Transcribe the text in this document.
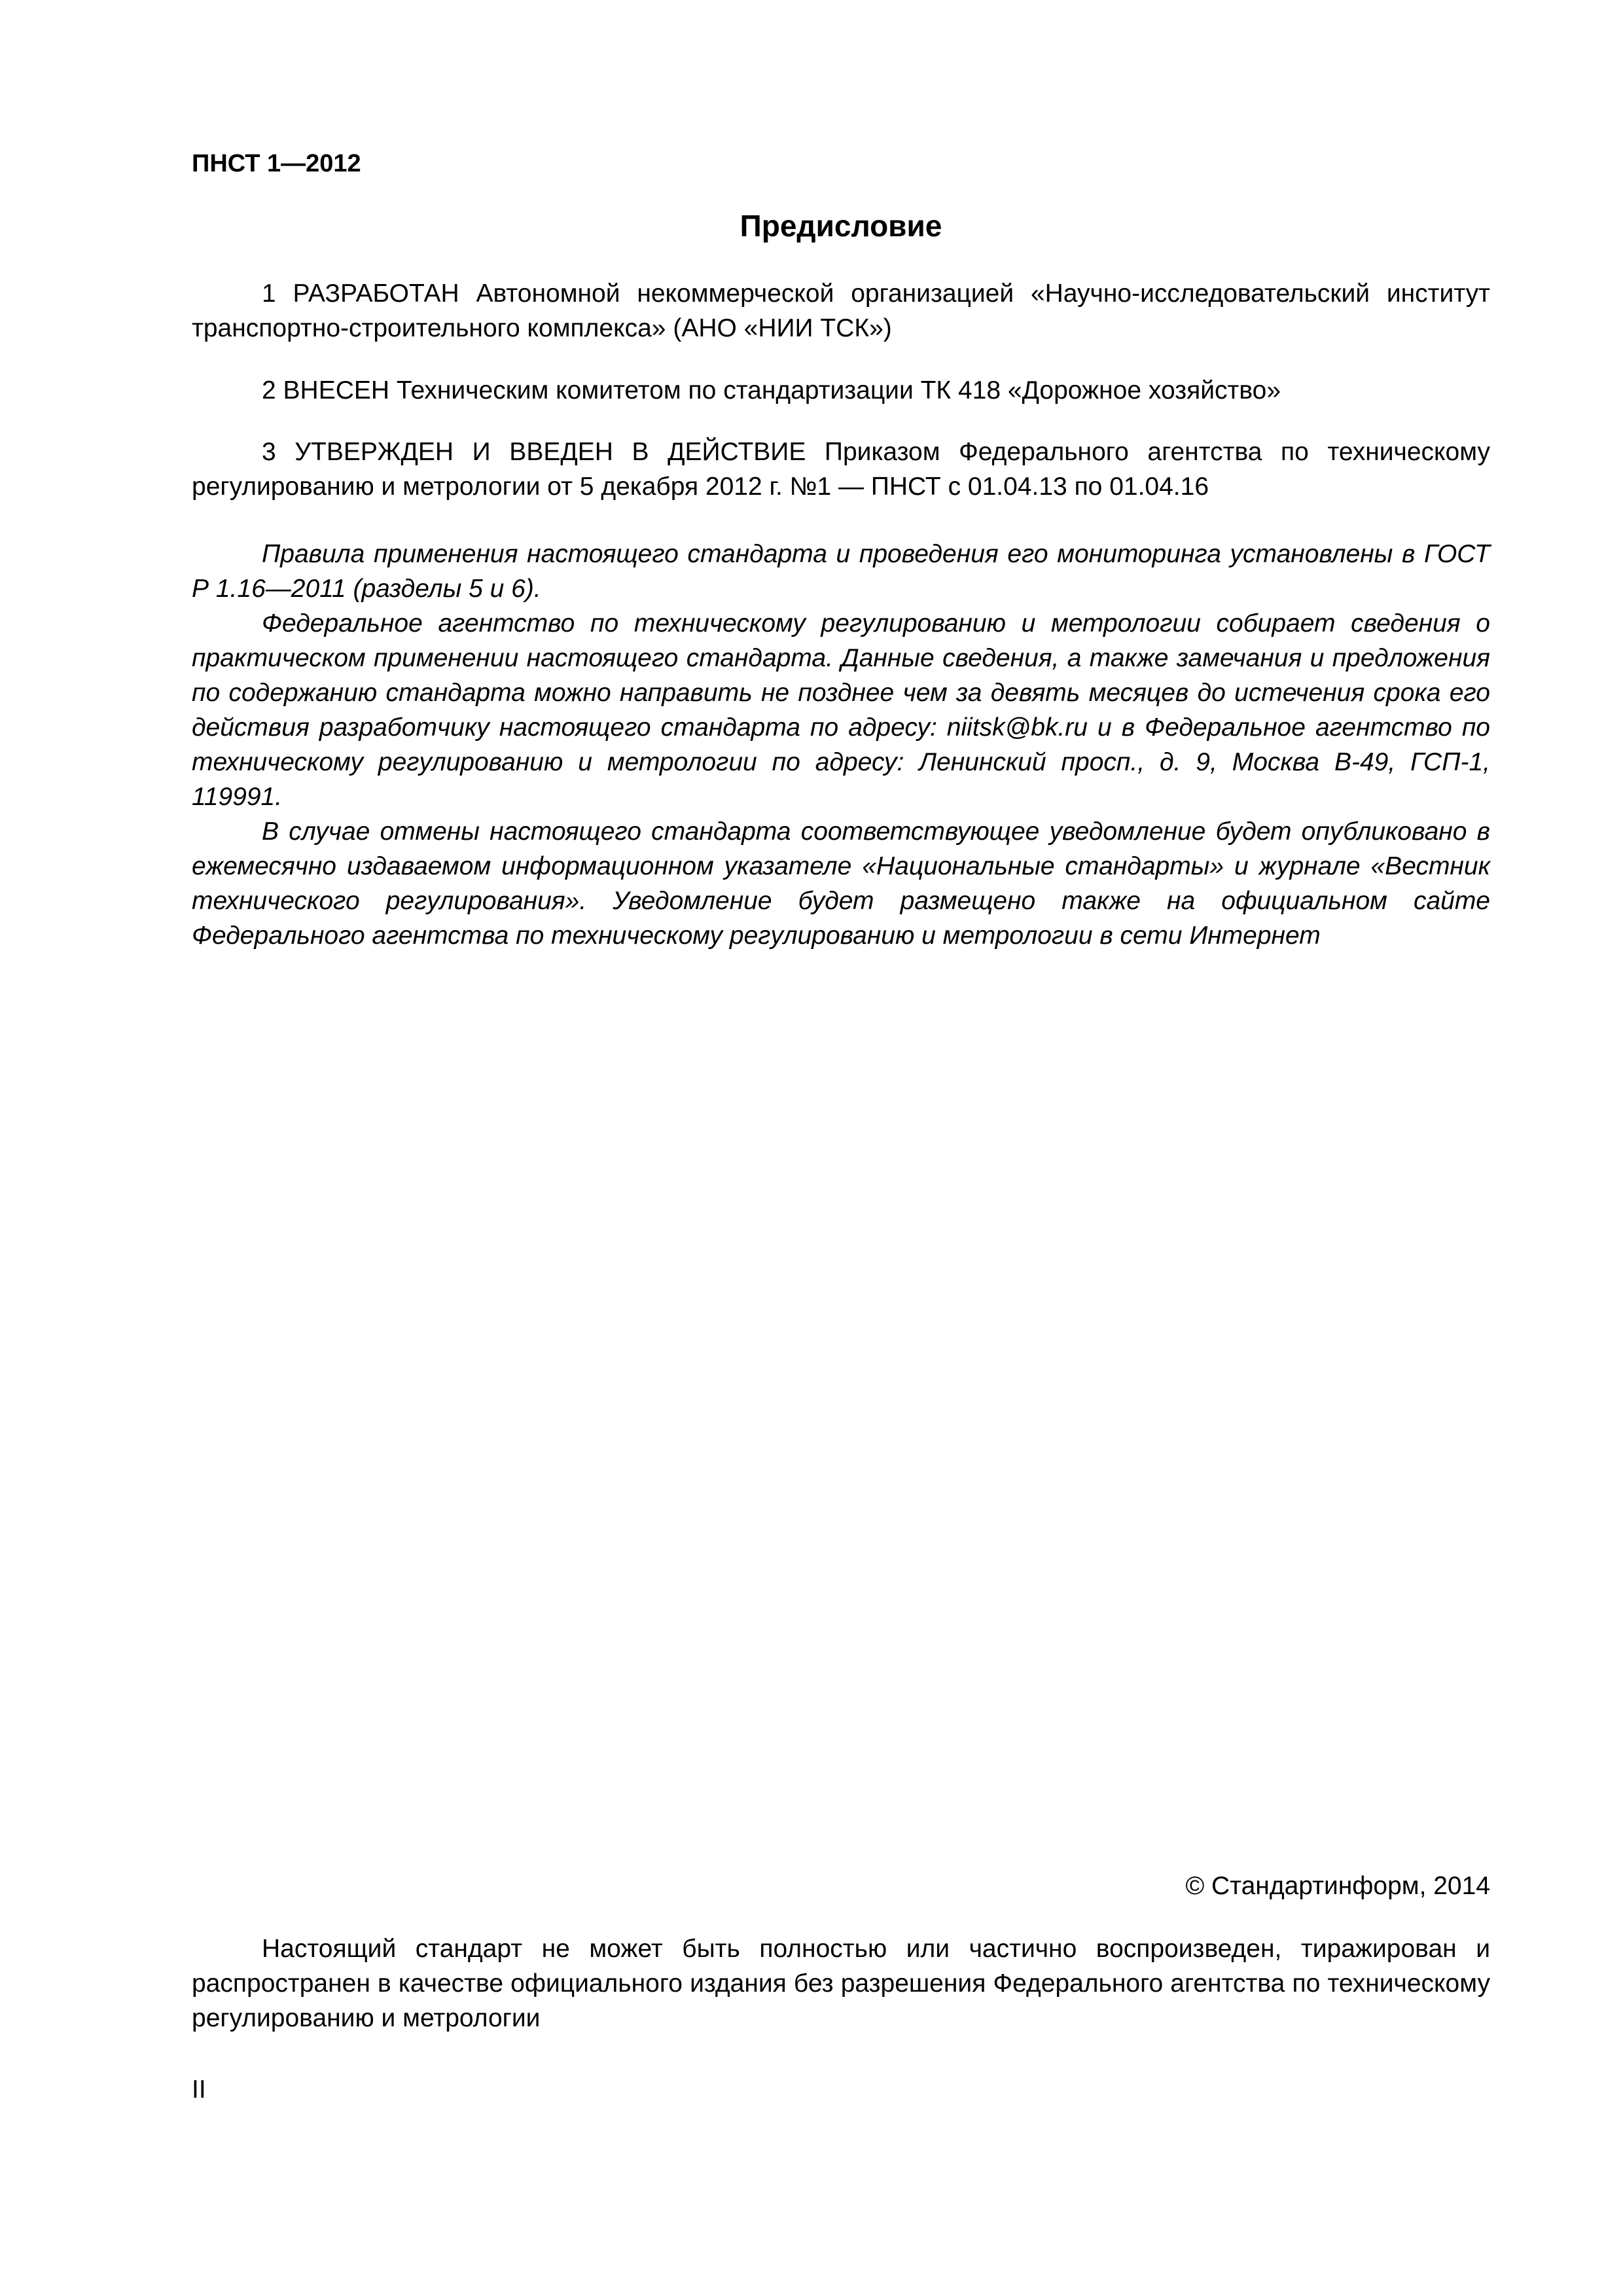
ПНСТ 1—2012
Предисловие
1 РАЗРАБОТАН Автономной некоммерческой организацией «Научно-исследовательский институт транспортно-строительного комплекса» (АНО «НИИ ТСК»)
2 ВНЕСЕН Техническим комитетом по стандартизации ТК 418 «Дорожное хозяйство»
3 УТВЕРЖДЕН И ВВЕДЕН В ДЕЙСТВИЕ Приказом Федерального агентства по техническому регулированию и метрологии от 5 декабря 2012 г. №1 — ПНСТ с 01.04.13 по 01.04.16

Правила применения настоящего стандарта и проведения его мониторинга установлены в ГОСТ Р 1.16—2011 (разделы 5 и 6).

Федеральное агентство по техническому регулированию и метрологии собирает сведения о практическом применении настоящего стандарта. Данные сведения, а также замечания и предложения по содержанию стандарта можно направить не позднее чем за девять месяцев до истечения срока его действия разработчику настоящего стандарта по адресу: niitsk@bk.ru и в Федеральное агентство по техническому регулированию и метрологии по адресу: Ленинский просп., д. 9, Москва В-49, ГСП-1, 119991.

В случае отмены настоящего стандарта соответствующее уведомление будет опубликовано в ежемесячно издаваемом информационном указателе «Национальные стандарты» и журнале «Вестник технического регулирования». Уведомление будет размещено также на официальном сайте Федерального агентства по техническому регулированию и метрологии в сети Интернет

© Стандартинформ, 2014
Настоящий стандарт не может быть полностью или частично воспроизведен, тиражирован и распространен в качестве официального издания без разрешения Федерального агентства по техническому регулированию и метрологии
II
